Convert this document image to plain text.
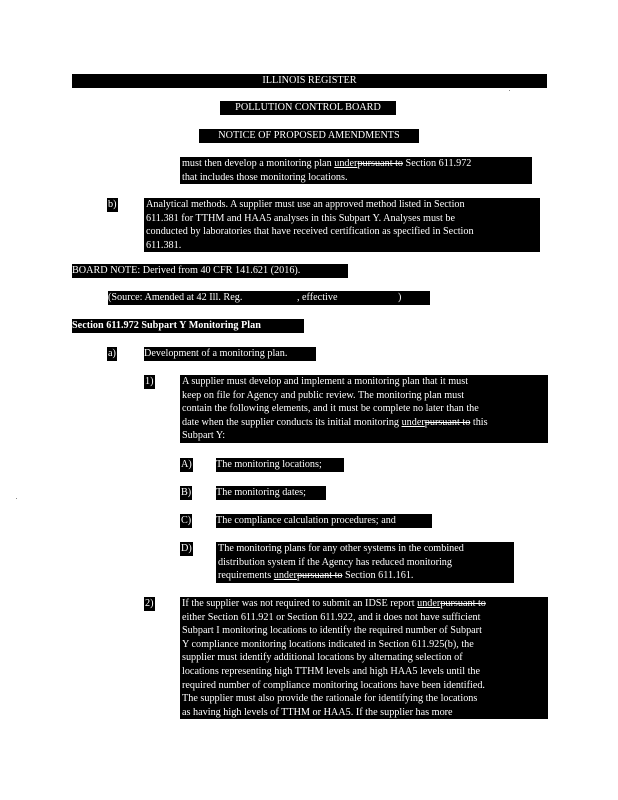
ILLINOIS REGISTER
POLLUTION CONTROL BOARD
NOTICE OF PROPOSED AMENDMENTS
must then develop a monitoring plan underpursuant to Section 611.972
that includes those monitoring locations.
b)	Analytical methods. A supplier must use an approved method listed in Section
611.381 for TTHM and HAA5 analyses in this Subpart Y. Analyses must be
conducted by laboratories that have received certification as specified in Section
611.381.
BOARD NOTE: Derived from 40 CFR 141.621 (2016).
(Source: Amended at 42 Ill. Reg.	, effective	)
Section 611.972 Subpart Y Monitoring Plan
a)	Development of a monitoring plan.
1)	A supplier must develop and implement a monitoring plan that it must
keep on file for Agency and public review. The monitoring plan must
contain the following elements, and it must be complete no later than the
date when the supplier conducts its initial monitoring underpursuant to this
Subpart Y:
A) The monitoring locations;
B) The monitoring dates;
C) The compliance calculation procedures; and
D)	The monitoring plans for any other systems in the combined
distribution system if the Agency has reduced monitoring
requirements underpursuant to Section 611.161.
2)	If the supplier was not required to submit an IDSE report underpursuant to
either Section 611.921 or Section 611.922, and it does not have sufficient
Subpart I monitoring locations to identify the required number of Subpart
Y compliance monitoring locations indicated in Section 611.925(b), the
supplier must identify additional locations by alternating selection of
locations representing high TTHM levels and high HAA5 levels until the
required number of compliance monitoring locations have been identified.
The supplier must also provide the rationale for identifying the locations
as having high levels of TTHM or HAA5. If the supplier has more
